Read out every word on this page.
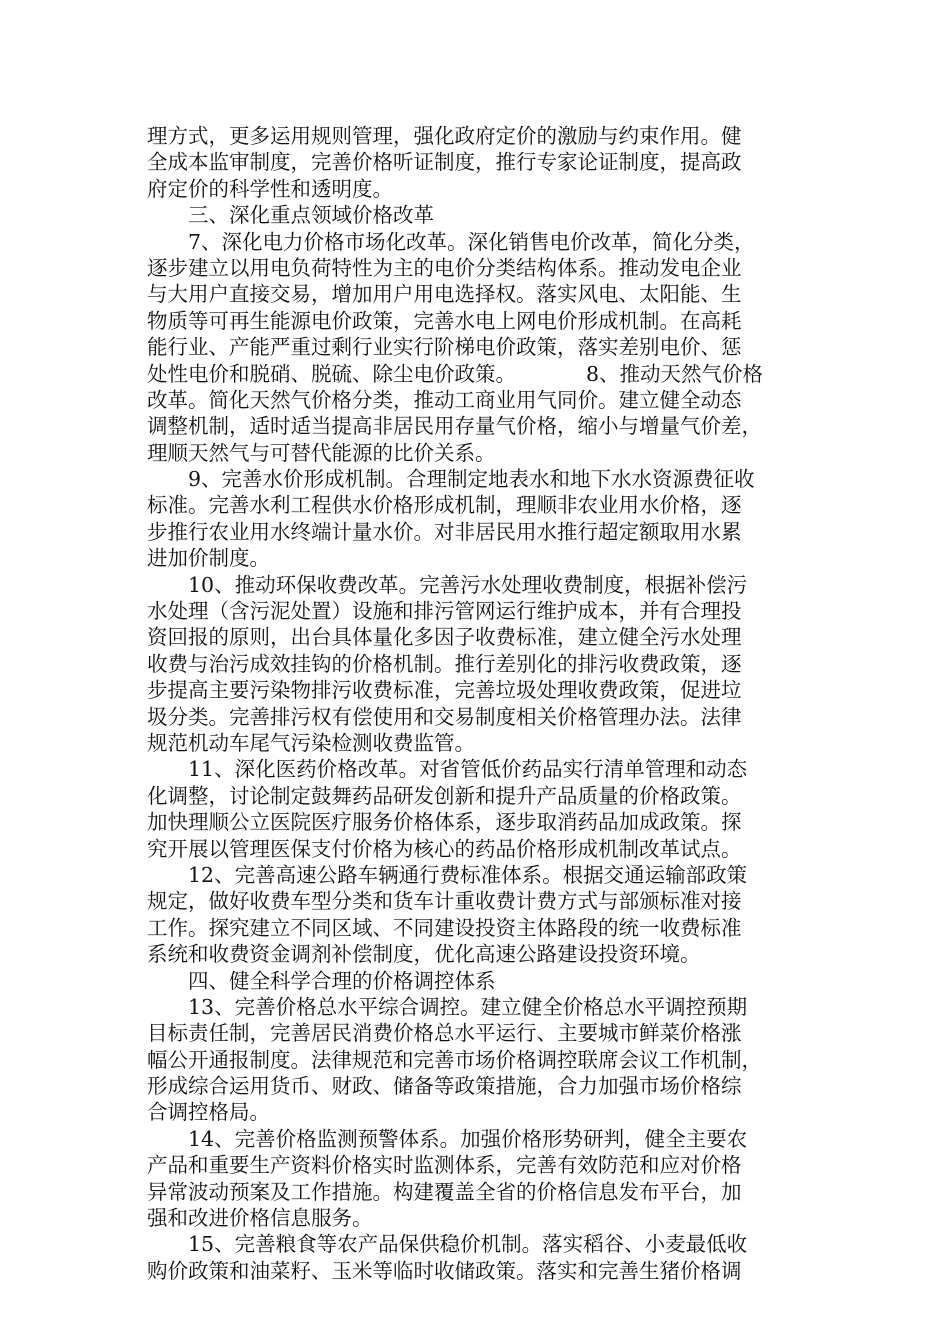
理方式，更多运用规则管理，强化政府定价的激励与约束作用。健
全成本监审制度，完善价格听证制度，推行专家论证制度，提高政
府定价的科学性和透明度。
三、深化重点领域价格改革
7、深化电力价格市场化改革。深化销售电价改革，简化分类，
逐步建立以用电负荷特性为主的电价分类结构体系。推动发电企业
与大用户直接交易，增加用户用电选择权。落实风电、太阳能、生
物质等可再生能源电价政策，完善水电上网电价形成机制。在高耗
能行业、产能严重过剩行业实行阶梯电价政策，落实差别电价、惩
处性电价和脱硝、脱硫、除尘电价政策。	8、推动天然气价格
改革。简化天然气价格分类，推动工商业用气同价。建立健全动态
调整机制，适时适当提高非居民用存量气价格，缩小与增量气价差，
理顺天然气与可替代能源的比价关系。
9、完善水价形成机制。合理制定地表水和地下水水资源费征收
标准。完善水利工程供水价格形成机制，理顺非农业用水价格，逐
步推行农业用水终端计量水价。对非居民用水推行超定额取用水累
进加价制度。
10、推动环保收费改革。完善污水处理收费制度，根据补偿污
水处理（含污泥处置）设施和排污管网运行维护成本，并有合理投
资回报的原则，出台具体量化多因子收费标准，建立健全污水处理
收费与治污成效挂钩的价格机制。推行差别化的排污收费政策，逐
步提高主要污染物排污收费标准，完善垃圾处理收费政策，促进垃
圾分类。完善排污权有偿使用和交易制度相关价格管理办法。法律
规范机动车尾气污染检测收费监管。
11、深化医药价格改革。对省管低价药品实行清单管理和动态
化调整，讨论制定鼓舞药品研发创新和提升产品质量的价格政策。
加快理顺公立医院医疗服务价格体系，逐步取消药品加成政策。探
究开展以管理医保支付价格为核心的药品价格形成机制改革试点。
12、完善高速公路车辆通行费标准体系。根据交通运输部政策
规定，做好收费车型分类和货车计重收费计费方式与部颁标准对接
工作。探究建立不同区域、不同建设投资主体路段的统一收费标准
系统和收费资金调剂补偿制度，优化高速公路建设投资环境。
四、健全科学合理的价格调控体系
13、完善价格总水平综合调控。建立健全价格总水平调控预期
目标责任制，完善居民消费价格总水平运行、主要城市鲜菜价格涨
幅公开通报制度。法律规范和完善市场价格调控联席会议工作机制，
形成综合运用货币、财政、储备等政策措施，合力加强市场价格综
合调控格局。
14、完善价格监测预警体系。加强价格形势研判，健全主要农
产品和重要生产资料价格实时监测体系，完善有效防范和应对价格
异常波动预案及工作措施。构建覆盖全省的价格信息发布平台，加
强和改进价格信息服务。
15、完善粮食等农产品保供稳价机制。落实稻谷、小麦最低收
购价政策和油菜籽、玉米等临时收储政策。落实和完善生猪价格调
